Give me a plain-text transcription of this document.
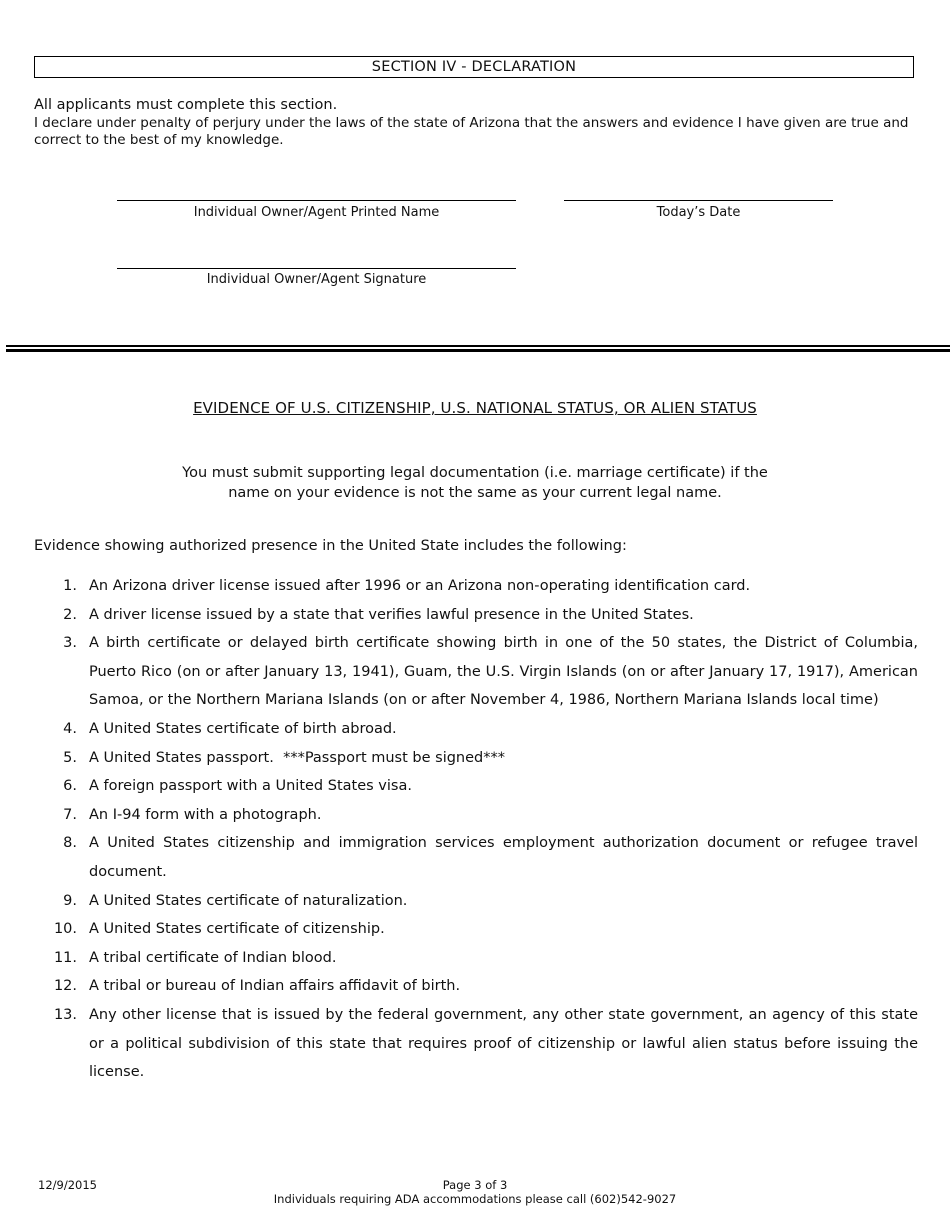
SECTION IV - DECLARATION
All applicants must complete this section.
I declare under penalty of perjury under the laws of the state of Arizona that the answers and evidence I have given are true and correct to the best of my knowledge.
Individual Owner/Agent Printed Name	Today’s Date
Individual Owner/Agent Signature
EVIDENCE OF U.S. CITIZENSHIP, U.S. NATIONAL STATUS, OR ALIEN STATUS
You must submit supporting legal documentation (i.e. marriage certificate) if the
name on your evidence is not the same as your current legal name.
Evidence showing authorized presence in the United State includes the following:
1. An Arizona driver license issued after 1996 or an Arizona non-operating identification card.
2. A driver license issued by a state that verifies lawful presence in the United States.
3. A birth certificate or delayed birth certificate showing birth in one of the 50 states, the District of Columbia, Puerto Rico (on or after January 13, 1941), Guam, the U.S. Virgin Islands (on or after January 17, 1917), American Samoa, or the Northern Mariana Islands (on or after November 4, 1986, Northern Mariana Islands local time)
4. A United States certificate of birth abroad.
5. A United States passport.  ***Passport must be signed***
6. A foreign passport with a United States visa.
7. An I-94 form with a photograph.
8. A United States citizenship and immigration services employment authorization document or refugee travel document.
9. A United States certificate of naturalization.
10. A United States certificate of citizenship.
11. A tribal certificate of Indian blood.
12. A tribal or bureau of Indian affairs affidavit of birth.
13. Any other license that is issued by the federal government, any other state government, an agency of this state or a political subdivision of this state that requires proof of citizenship or lawful alien status before issuing the license.
12/9/2015	Page 3 of 3
Individuals requiring ADA accommodations please call (602)542-9027
